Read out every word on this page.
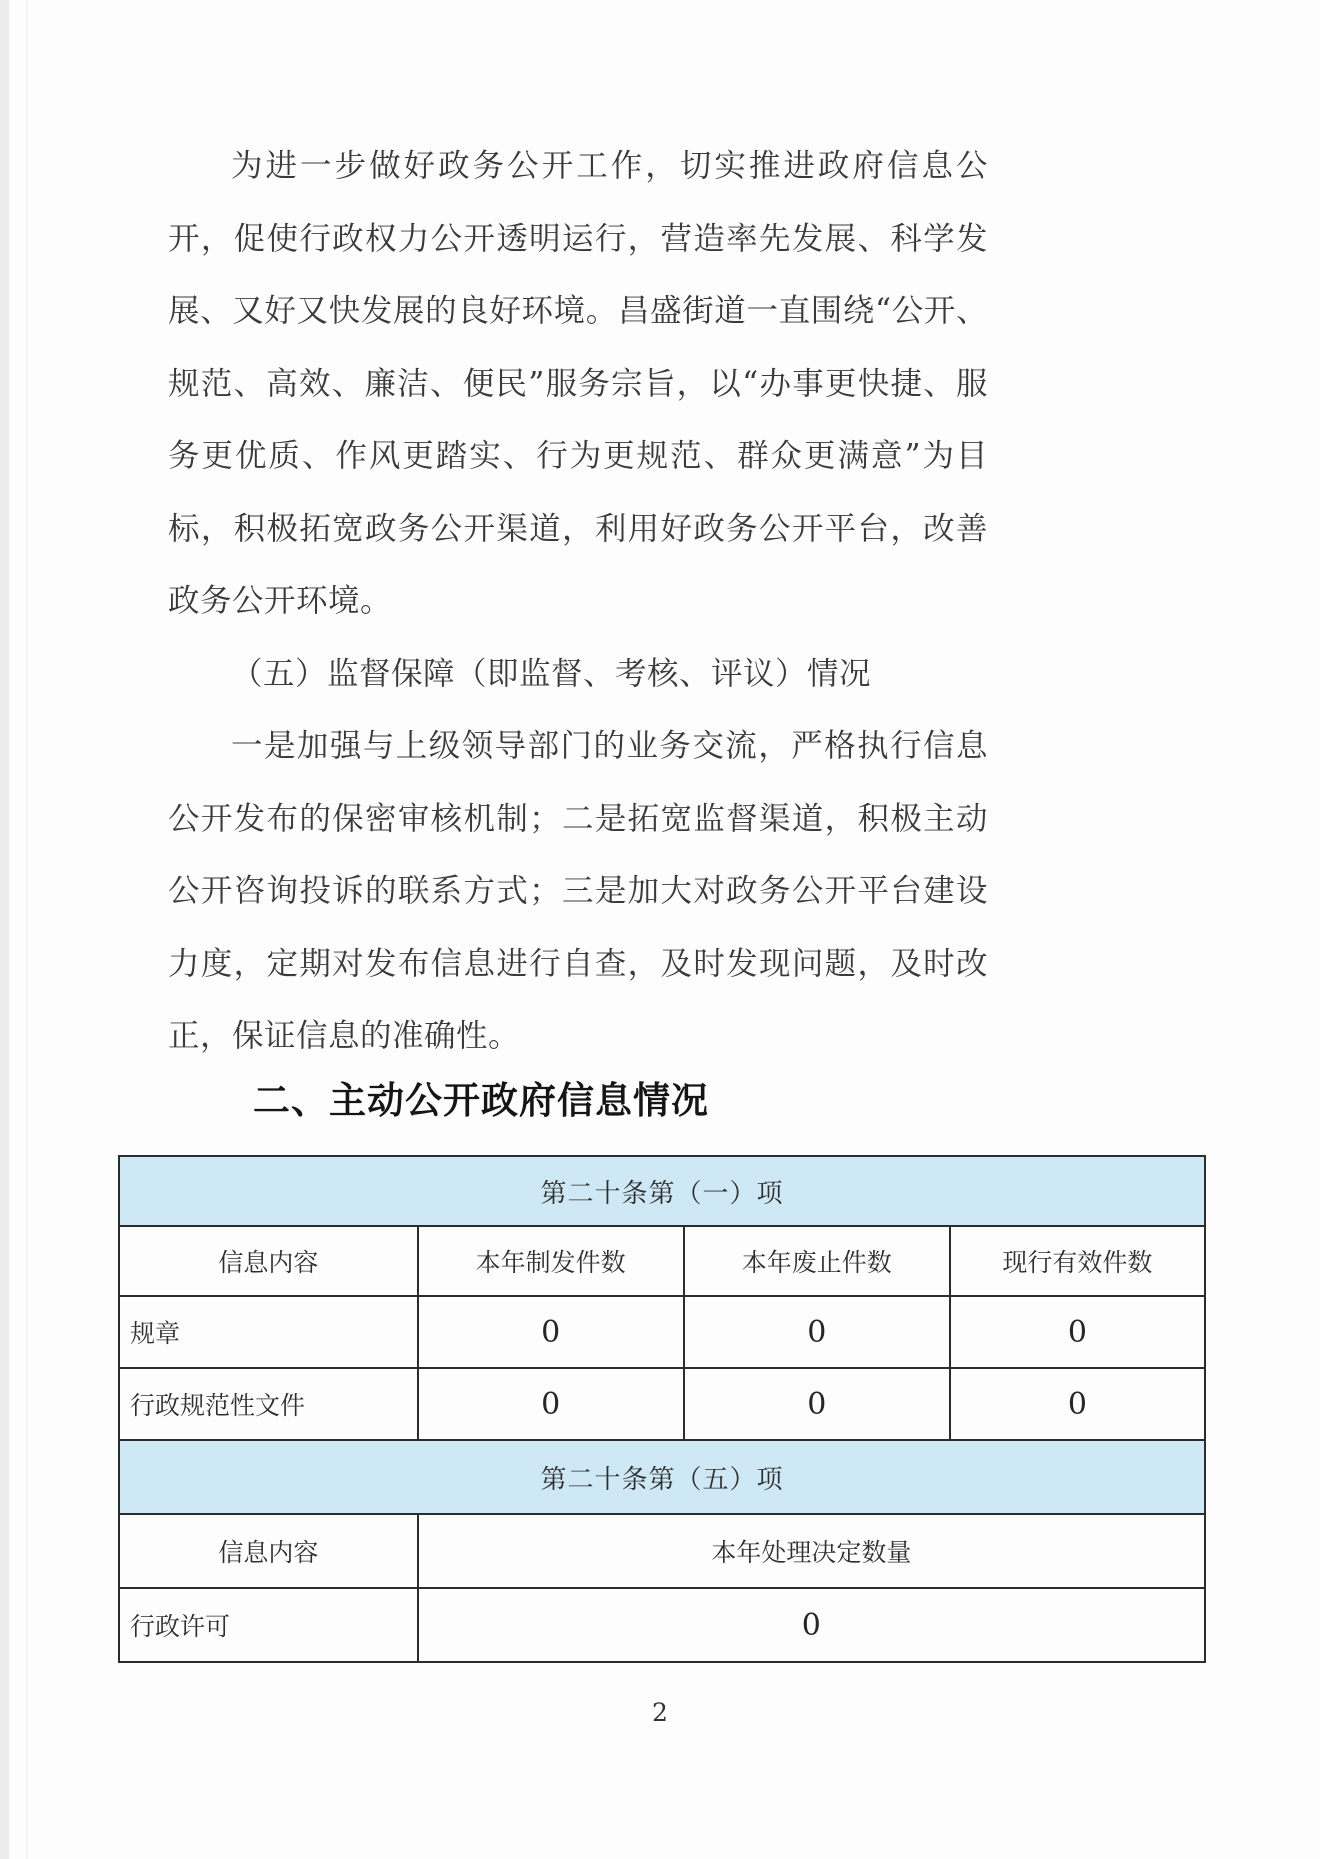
为进一步做好政务公开工作，切实推进政府信息公开，促使行政权力公开透明运行，营造率先发展、科学发展、又好又快发展的良好环境。昌盛街道一直围绕“公开、规范、高效、廉洁、便民”服务宗旨，以“办事更快捷、服务更优质、作风更踏实、行为更规范、群众更满意”为目标，积极拓宽政务公开渠道，利用好政务公开平台，改善政务公开环境。

（五）监督保障（即监督、考核、评议）情况

一是加强与上级领导部门的业务交流，严格执行信息公开发布的保密审核机制；二是拓宽监督渠道，积极主动公开咨询投诉的联系方式；三是加大对政务公开平台建设力度，定期对发布信息进行自查，及时发现问题，及时改正，保证信息的准确性。

二、主动公开政府信息情况
第二十条第（一）项			
信息内容	本年制发件数	本年废止件数	现行有效件数
规章	0	0	0
行政规范性文件	0	0	0
第二十条第（五）项			
信息内容	本年处理决定数量		
行政许可	0		
2
